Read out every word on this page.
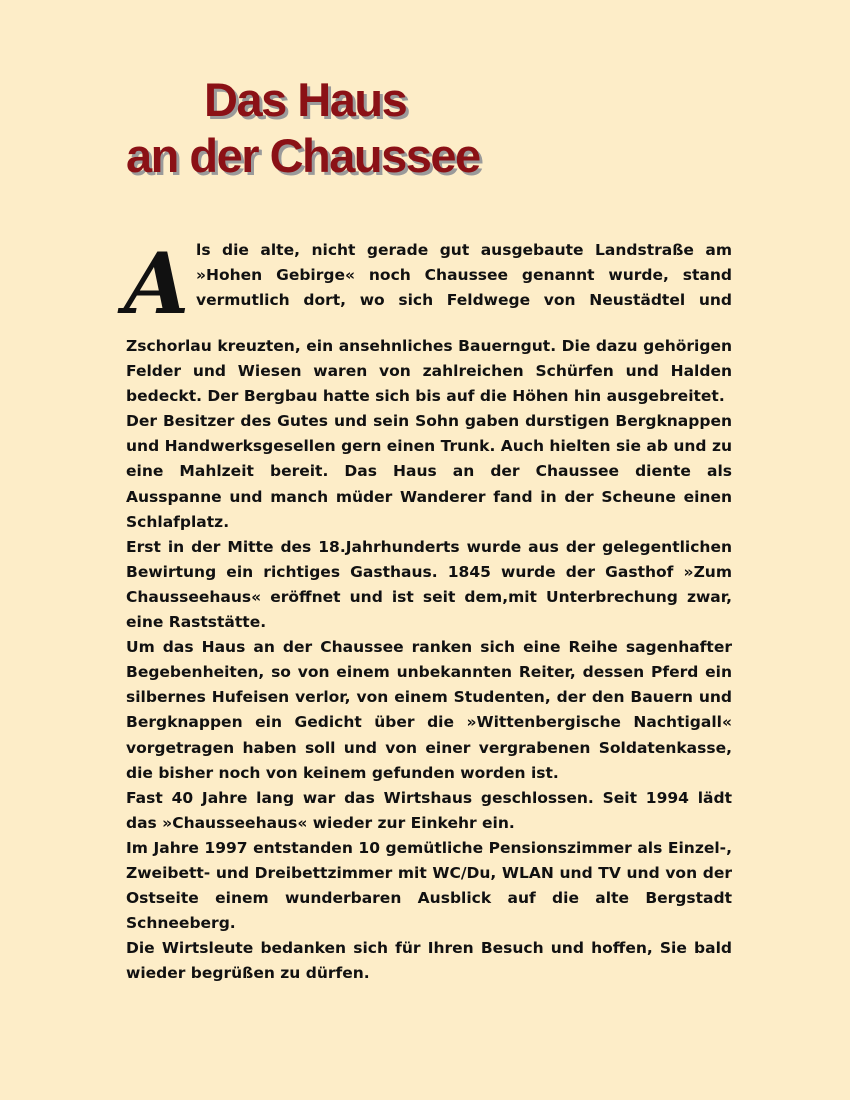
Das Haus
an der Chaussee
A ls die alte, nicht gerade gut ausgebaute Landstraße am »Hohen Gebirge« noch Chaussee genannt wurde, stand vermutlich dort, wo sich Feldwege von Neustädtel und

Zschorlau kreuzten, ein ansehnliches Bauerngut. Die dazu gehörigen Felder und Wiesen waren von zahlreichen Schürfen und Halden bedeckt. Der Bergbau hatte sich bis auf die Höhen hin ausgebreitet.

Der Besitzer des Gutes und sein Sohn gaben durstigen Bergknappen und Handwerksgesellen gern einen Trunk. Auch hielten sie ab und zu eine Mahlzeit bereit. Das Haus an der Chaussee diente als Ausspanne und manch müder Wanderer fand in der Scheune einen Schlafplatz.

Erst in der Mitte des 18.Jahrhunderts wurde aus der gelegentlichen Bewirtung ein richtiges Gasthaus. 1845 wurde der Gasthof »Zum Chausseehaus« eröffnet und ist seit dem,mit Unterbrechung zwar, eine Raststätte.

Um das Haus an der Chaussee ranken sich eine Reihe sagenhafter Begebenheiten, so von einem unbekannten Reiter, dessen Pferd ein silbernes Hufeisen verlor, von einem Studenten, der den Bauern und Bergknappen ein Gedicht über die »Wittenbergische Nachtigall« vorgetragen haben soll und von einer vergrabenen Soldatenkasse, die bisher noch von keinem gefunden worden ist.

Fast 40 Jahre lang war das Wirtshaus geschlossen. Seit 1994 lädt das »Chausseehaus« wieder zur Einkehr ein.

Im Jahre 1997 entstanden 10 gemütliche Pensionszimmer als Einzel-, Zweibett- und Dreibettzimmer mit WC/Du, WLAN und TV und von der Ostseite einem wunderbaren Ausblick auf die alte Bergstadt Schneeberg.

Die Wirtsleute bedanken sich für Ihren Besuch und hoffen, Sie bald wieder begrüßen zu dürfen.
